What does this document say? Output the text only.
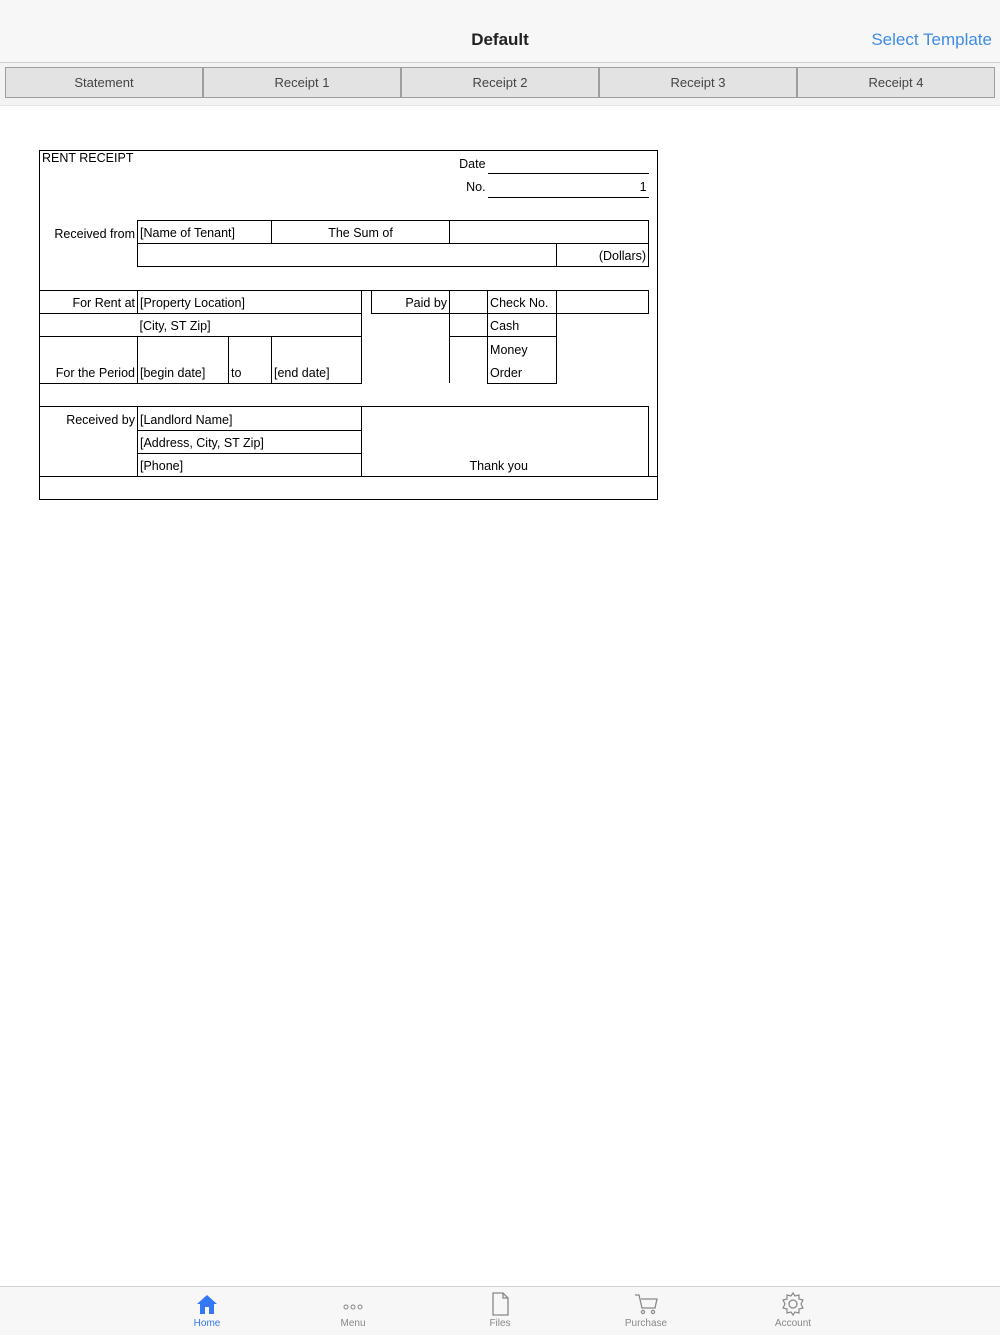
Default	Select Template
Statement	Receipt 1	Receipt 2	Receipt 3	Receipt 4
RENT RECEIPT						Date			
						No.	1		

Received from	[Name of Tenant]		The Sum of						
								(Dollars)	

For Rent at	[Property Location]				Paid by		Check No.		
	[City, ST Zip]						Cash		
							Money		
For the Period	[begin date]	to	[end date]				Order		

Received by	[Landlord Name]								
	[Address, City, ST Zip]								
	[Phone]					Thank you			

Home	Menu	Files	Purchase	Account
